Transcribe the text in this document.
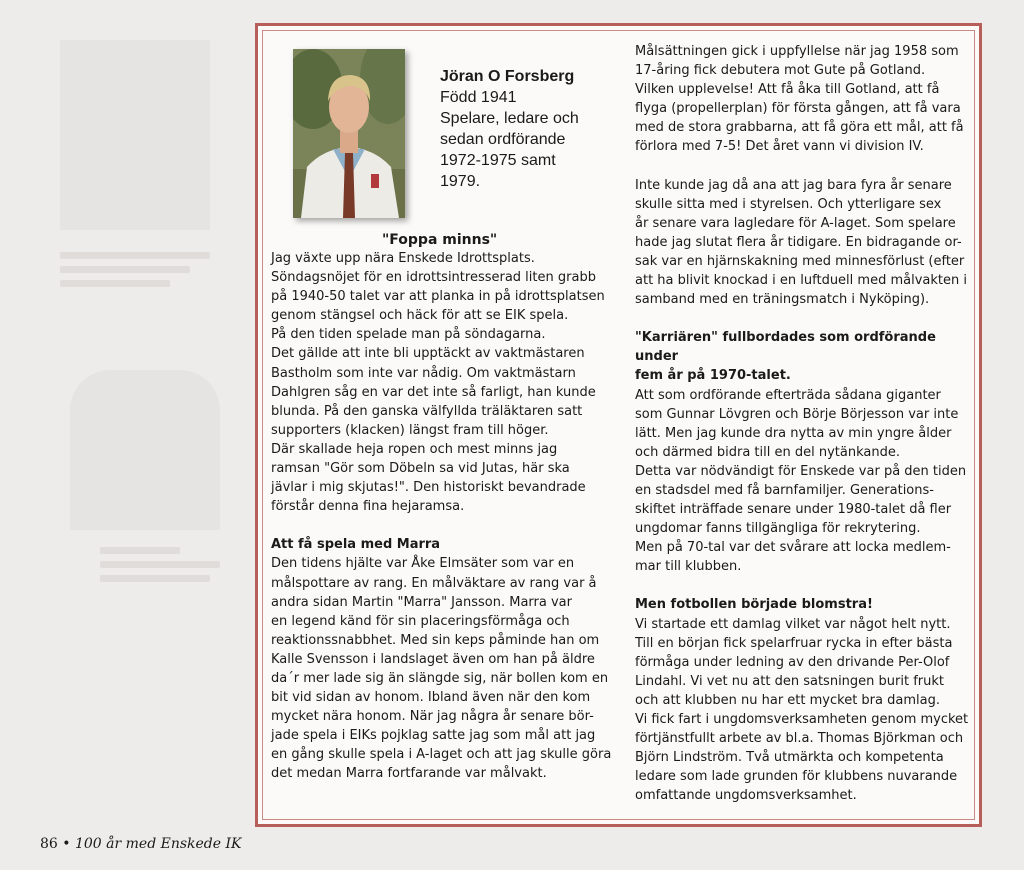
Jöran O Forsberg
Född 1941
Spelare, ledare och
sedan ordförande
1972-1975 samt
1979.
"Foppa minns"

Jag växte upp nära Enskede Idrottsplats.

Söndagsnöjet för en idrottsintresserad liten grabb

på 1940-50 talet var att planka in på idrottsplatsen

genom stängsel och häck för att se EIK spela.

På den tiden spelade man på söndagarna.

Det gällde att inte bli upptäckt av vaktmästaren

Bastholm som inte var nådig. Om vaktmästarn

Dahlgren såg en var det inte så farligt, han kunde

blunda. På den ganska välfyllda träläktaren satt

supporters (klacken) längst fram till höger.

Där skallade heja ropen och mest minns jag

ramsan "Gör som Döbeln sa vid Jutas, här ska

jävlar i mig skjutas!". Den historiskt bevandrade

förstår denna fina hejaramsa.

Att få spela med Marra

Den tidens hjälte var Åke Elmsäter som var en

målspottare av rang. En målväktare av rang var å

andra sidan Martin "Marra" Jansson. Marra var

en legend känd för sin placeringsförmåga och

reaktionssnabbhet. Med sin keps påminde han om

Kalle Svensson i landslaget även om han på äldre

da´r mer lade sig än slängde sig, när bollen kom en

bit vid sidan av honom. Ibland även när den kom

mycket nära honom. När jag några år senare bör-

jade spela i EIKs pojklag satte jag som mål att jag

en gång skulle spela i A-laget och att jag skulle göra

det medan Marra fortfarande var målvakt.

Målsättningen gick i uppfyllelse när jag 1958 som

17-åring fick debutera mot Gute på Gotland.

Vilken upplevelse! Att få åka till Gotland, att få

flyga (propellerplan) för första gången, att få vara

med de stora grabbarna, att få göra ett mål, att få

förlora med 7-5! Det året vann vi division IV.

Inte kunde jag då ana att jag bara fyra år senare

skulle sitta med i styrelsen. Och ytterligare sex

år senare vara lagledare för A-laget. Som spelare

hade jag slutat flera år tidigare. En bidragande or-

sak var en hjärnskakning med minnesförlust (efter

att ha blivit knockad i en luftduell med målvakten i

samband med en träningsmatch i Nyköping).

"Karriären" fullbordades som ordförande under

fem år på 1970-talet.

Att som ordförande efterträda sådana giganter

som Gunnar Lövgren och Börje Börjesson var inte

lätt. Men jag kunde dra nytta av min yngre ålder

och därmed bidra till en del nytänkande.

Detta var nödvändigt för Enskede var på den tiden

en stadsdel med få barnfamiljer. Generations-

skiftet inträffade senare under 1980-talet då fler

ungdomar fanns tillgängliga för rekrytering.

Men på 70-tal var det svårare att locka medlem-

mar till klubben.

Men fotbollen började blomstra!

Vi startade ett damlag vilket var något helt nytt.

Till en början fick spelarfruar rycka in efter bästa

förmåga under ledning av den drivande Per-Olof

Lindahl. Vi vet nu att den satsningen burit frukt

och att klubben nu har ett mycket bra damlag.

Vi fick fart i ungdomsverksamheten genom mycket

förtjänstfullt arbete av bl.a. Thomas Björkman och

Björn Lindström. Två utmärkta och kompetenta

ledare som lade grunden för klubbens nuvarande

omfattande ungdomsverksamhet.

86 • 100 år med Enskede IK
